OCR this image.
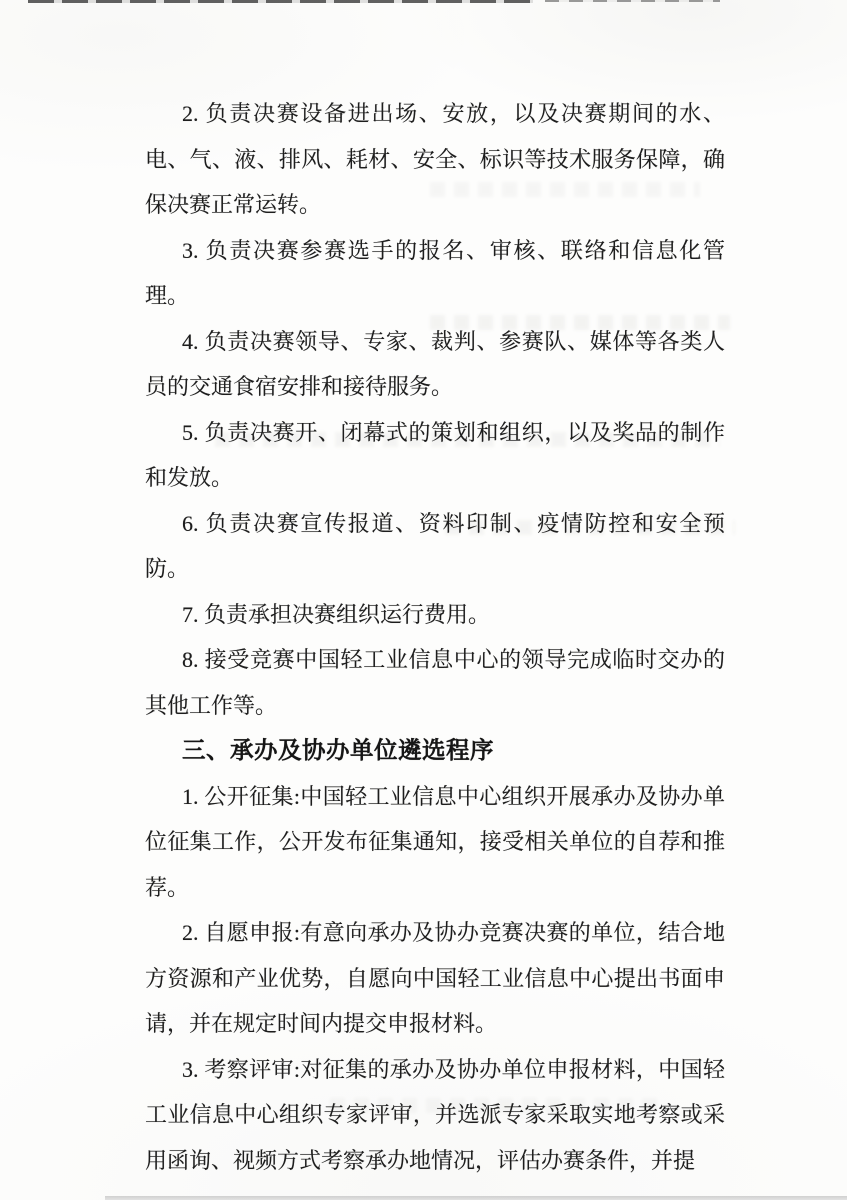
2. 负责决赛设备进出场、安放，以及决赛期间的水、电、气、液、排风、耗材、安全、标识等技术服务保障，确保决赛正常运转。

3. 负责决赛参赛选手的报名、审核、联络和信息化管理。

4. 负责决赛领导、专家、裁判、参赛队、媒体等各类人员的交通食宿安排和接待服务。

5. 负责决赛开、闭幕式的策划和组织，以及奖品的制作和发放。

6. 负责决赛宣传报道、资料印制、疫情防控和安全预防。

7. 负责承担决赛组织运行费用。

8. 接受竞赛中国轻工业信息中心的领导完成临时交办的其他工作等。

三、承办及协办单位遴选程序

1. 公开征集:中国轻工业信息中心组织开展承办及协办单位征集工作，公开发布征集通知，接受相关单位的自荐和推荐。

2. 自愿申报:有意向承办及协办竞赛决赛的单位，结合地方资源和产业优势，自愿向中国轻工业信息中心提出书面申请，并在规定时间内提交申报材料。

3. 考察评审:对征集的承办及协办单位申报材料，中国轻工业信息中心组织专家评审，并选派专家采取实地考察或采用函询、视频方式考察承办地情况，评估办赛条件，并提
